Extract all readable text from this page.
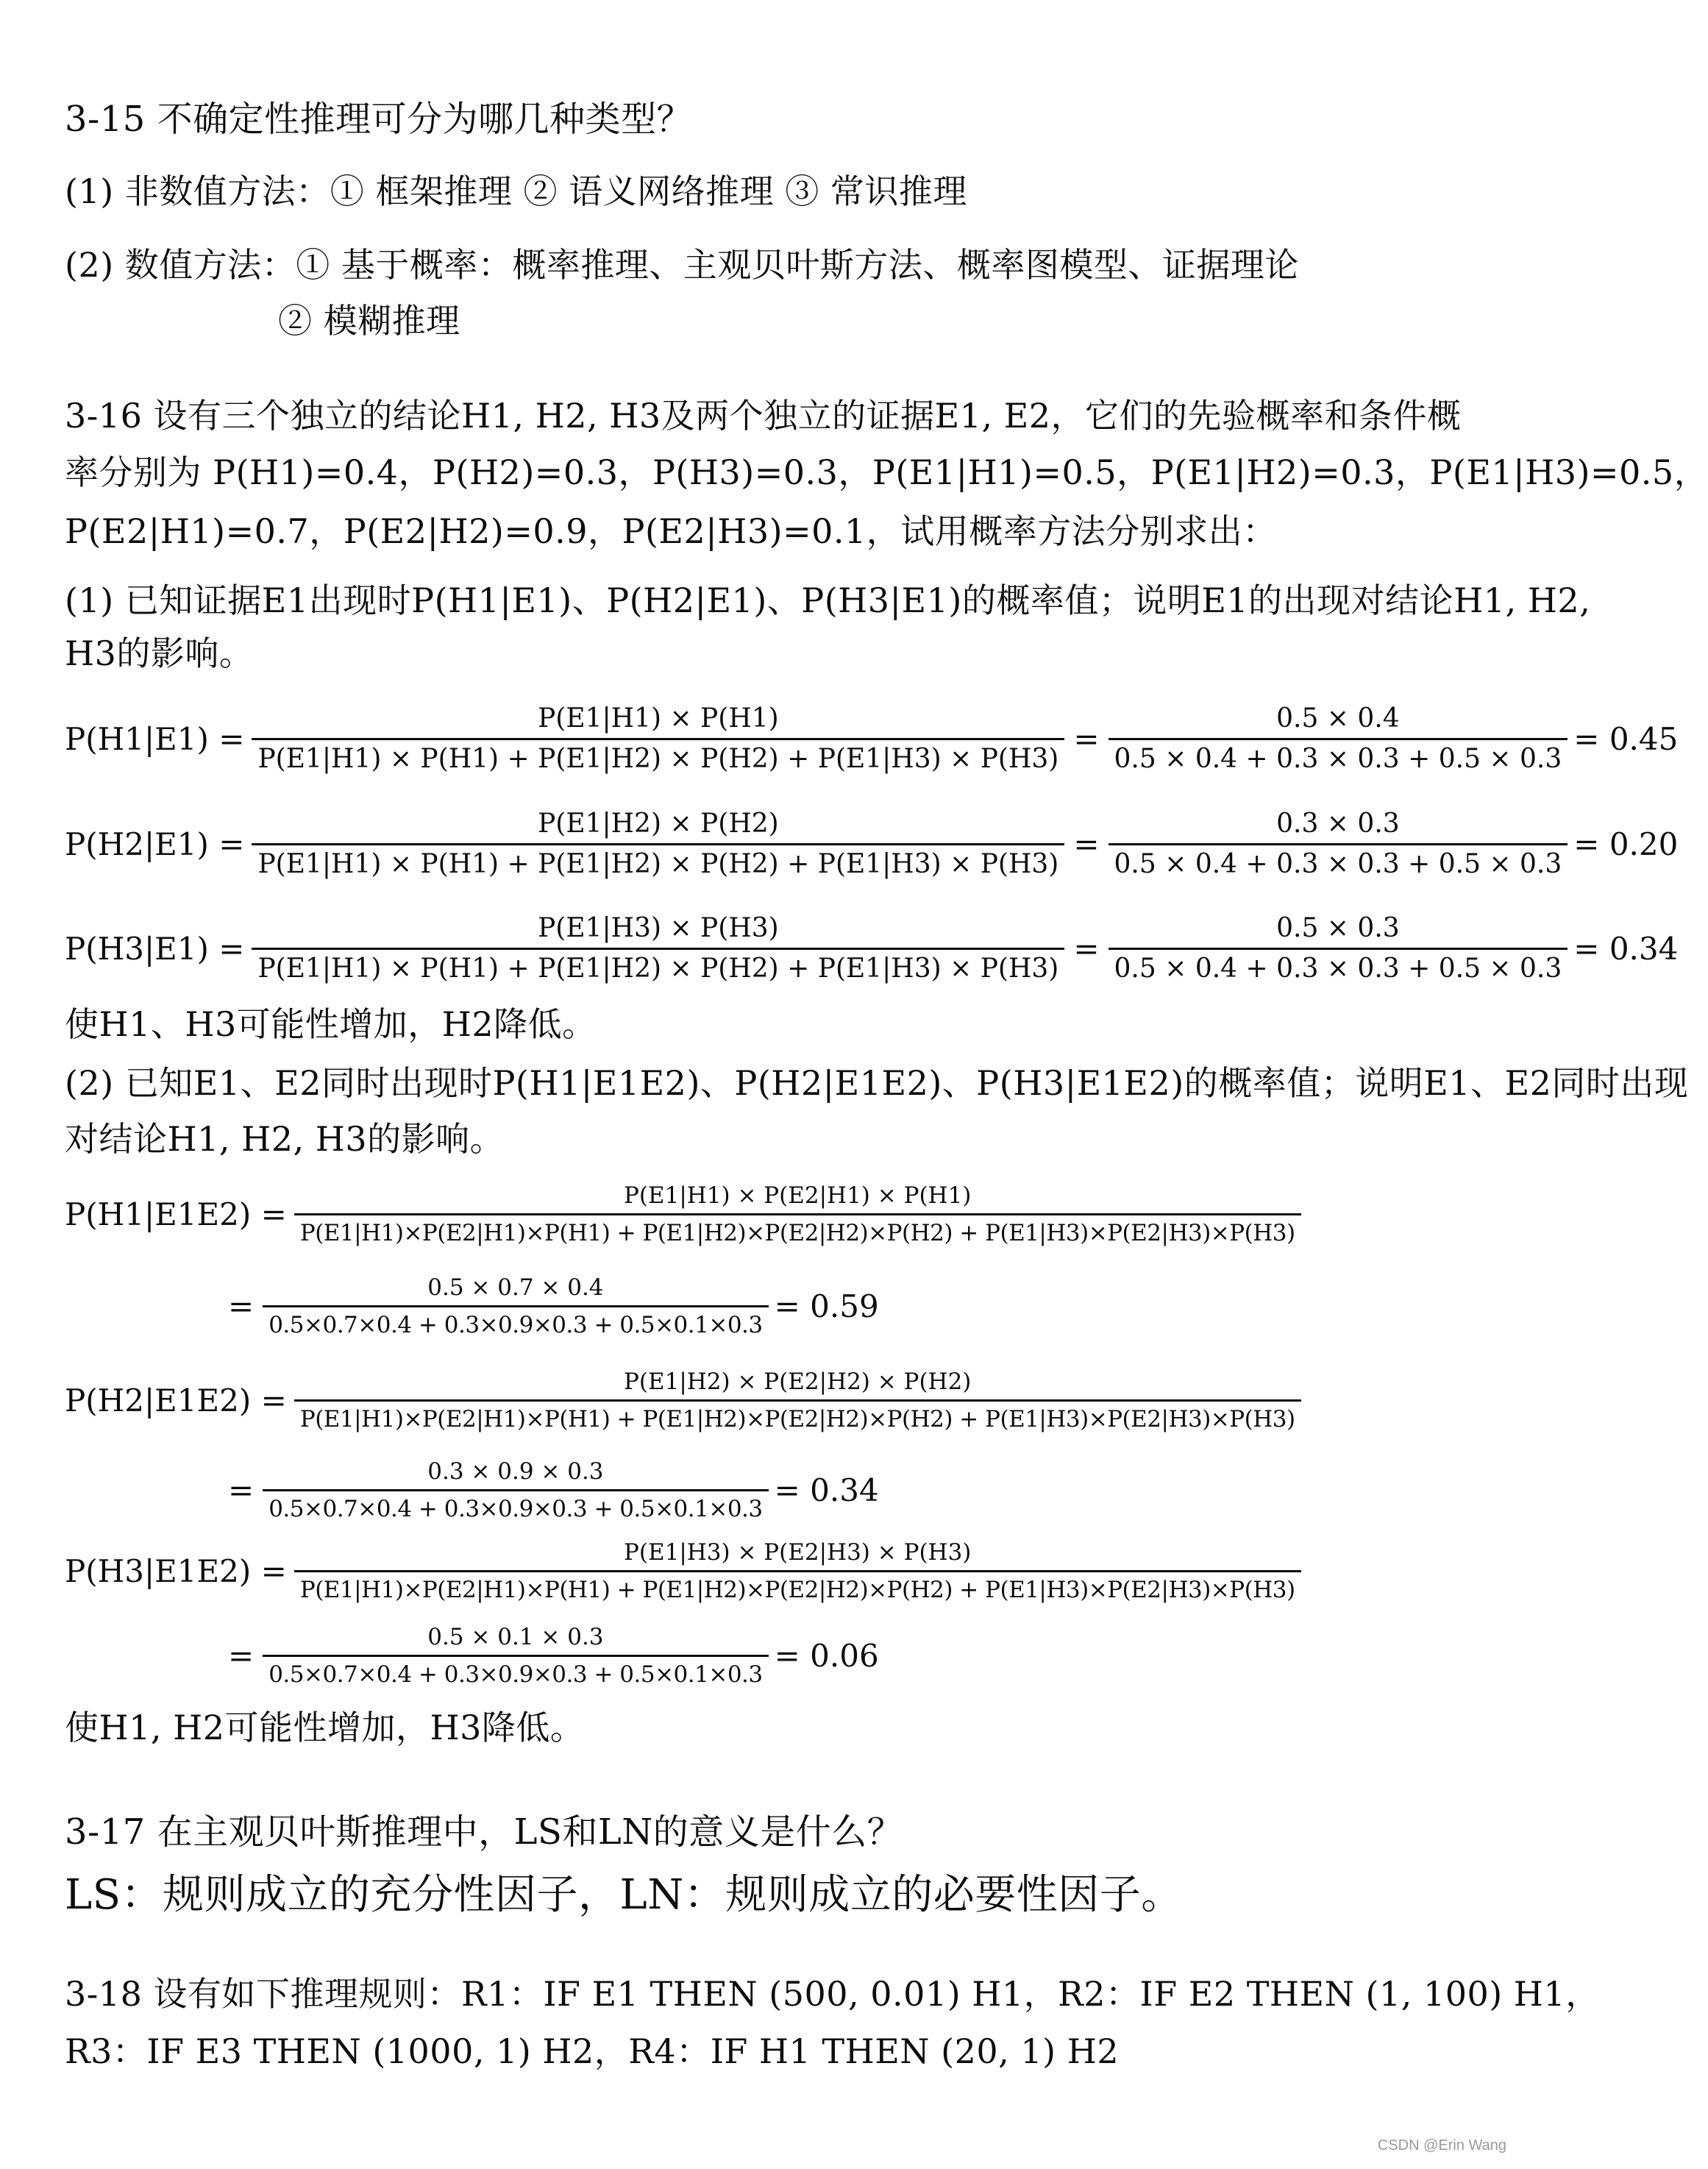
3-15 不确定性推理可分为哪几种类型？
(1) 非数值方法：① 框架推理 ② 语义网络推理 ③ 常识推理
(2) 数值方法：① 基于概率：概率推理、主观贝叶斯方法、概率图模型、证据理论
② 模糊推理
3-16 设有三个独立的结论H1, H2, H3及两个独立的证据E1, E2，它们的先验概率和条件概
率分别为 P(H1)=0.4，P(H2)=0.3，P(H3)=0.3，P(E1|H1)=0.5，P(E1|H2)=0.3，P(E1|H3)=0.5，
P(E2|H1)=0.7，P(E2|H2)=0.9，P(E2|H3)=0.1，试用概率方法分别求出：
(1) 已知证据E1出现时P(H1|E1)、P(H2|E1)、P(H3|E1)的概率值；说明E1的出现对结论H1, H2,
H3的影响。
$P(H1|E1) = \frac{P(E1|H1) \times P(H1)}{P(E1|H1) \times P(H1) + P(E1|H2) \times P(H2) + P(E1|H3) \times P(H3)} = \frac{0.5 \times 0.4}{0.5 \times 0.4 + 0.3 \times 0.3 + 0.5 \times 0.3} = 0.45$
$P(H2|E1) = \frac{P(E1|H2) \times P(H2)}{P(E1|H1) \times P(H1) + P(E1|H2) \times P(H2) + P(E1|H3) \times P(H3)} = \frac{0.3 \times 0.3}{0.5 \times 0.4 + 0.3 \times 0.3 + 0.5 \times 0.3} = 0.20$
$P(H3|E1) = \frac{P(E1|H3) \times P(H3)}{P(E1|H1) \times P(H1) + P(E1|H2) \times P(H2) + P(E1|H3) \times P(H3)} = \frac{0.5 \times 0.3}{0.5 \times 0.4 + 0.3 \times 0.3 + 0.5 \times 0.3} = 0.34$
使H1、H3可能性增加，H2降低。
(2) 已知E1、E2同时出现时P(H1|E1E2)、P(H2|E1E2)、P(H3|E1E2)的概率值；说明E1、E2同时出现
对结论H1, H2, H3的影响。
P(H1|E1E2) =
P(E1|H1) × P(E2|H1) × P(H1)
P(E1|H1)×P(E2|H1)×P(H1) + P(E1|H2)×P(E2|H2)×P(H2) + P(E1|H3)×P(E2|H3)×P(H3)
= $\frac{0.5 \times 0.7 \times 0.4}{0.5\times 0.7\times 0.4 + 0.3\times 0.9\times 0.3 + 0.5\times 0.1\times 0.3} = 0.59$
P(H2|E1E2) =
P(E1|H2) × P(E2|H2) × P(H2)
P(E1|H1)×P(E2|H1)×P(H1) + P(E1|H2)×P(E2|H2)×P(H2) + P(E1|H3)×P(E2|H3)×P(H3)
= $\frac{0.3 \times 0.9 \times 0.3}{0.5\times 0.7\times 0.4 + 0.3\times 0.9\times 0.3 + 0.5\times 0.1\times 0.3} = 0.34$
P(H3|E1E2) =
P(E1|H3) × P(E2|H3) × P(H3)
P(E1|H1)×P(E2|H1)×P(H1) + P(E1|H2)×P(E2|H2)×P(H2) + P(E1|H3)×P(E2|H3)×P(H3)
= $\frac{0.5 \times 0.1 \times 0.3}{0.5\times 0.7\times 0.4 + 0.3\times 0.9\times 0.3 + 0.5\times 0.1\times 0.3} = 0.06$
使H1, H2可能性增加，H3降低。
3-17 在主观贝叶斯推理中，LS和LN的意义是什么？
LS：规则成立的充分性因子，LN：规则成立的必要性因子。
3-18 设有如下推理规则：R1：IF E1 THEN (500, 0.01) H1，R2：IF E2 THEN (1, 100) H1，
R3：IF E3 THEN (1000, 1) H2，R4：IF H1 THEN (20, 1) H2
CSDN @Erin Wang
